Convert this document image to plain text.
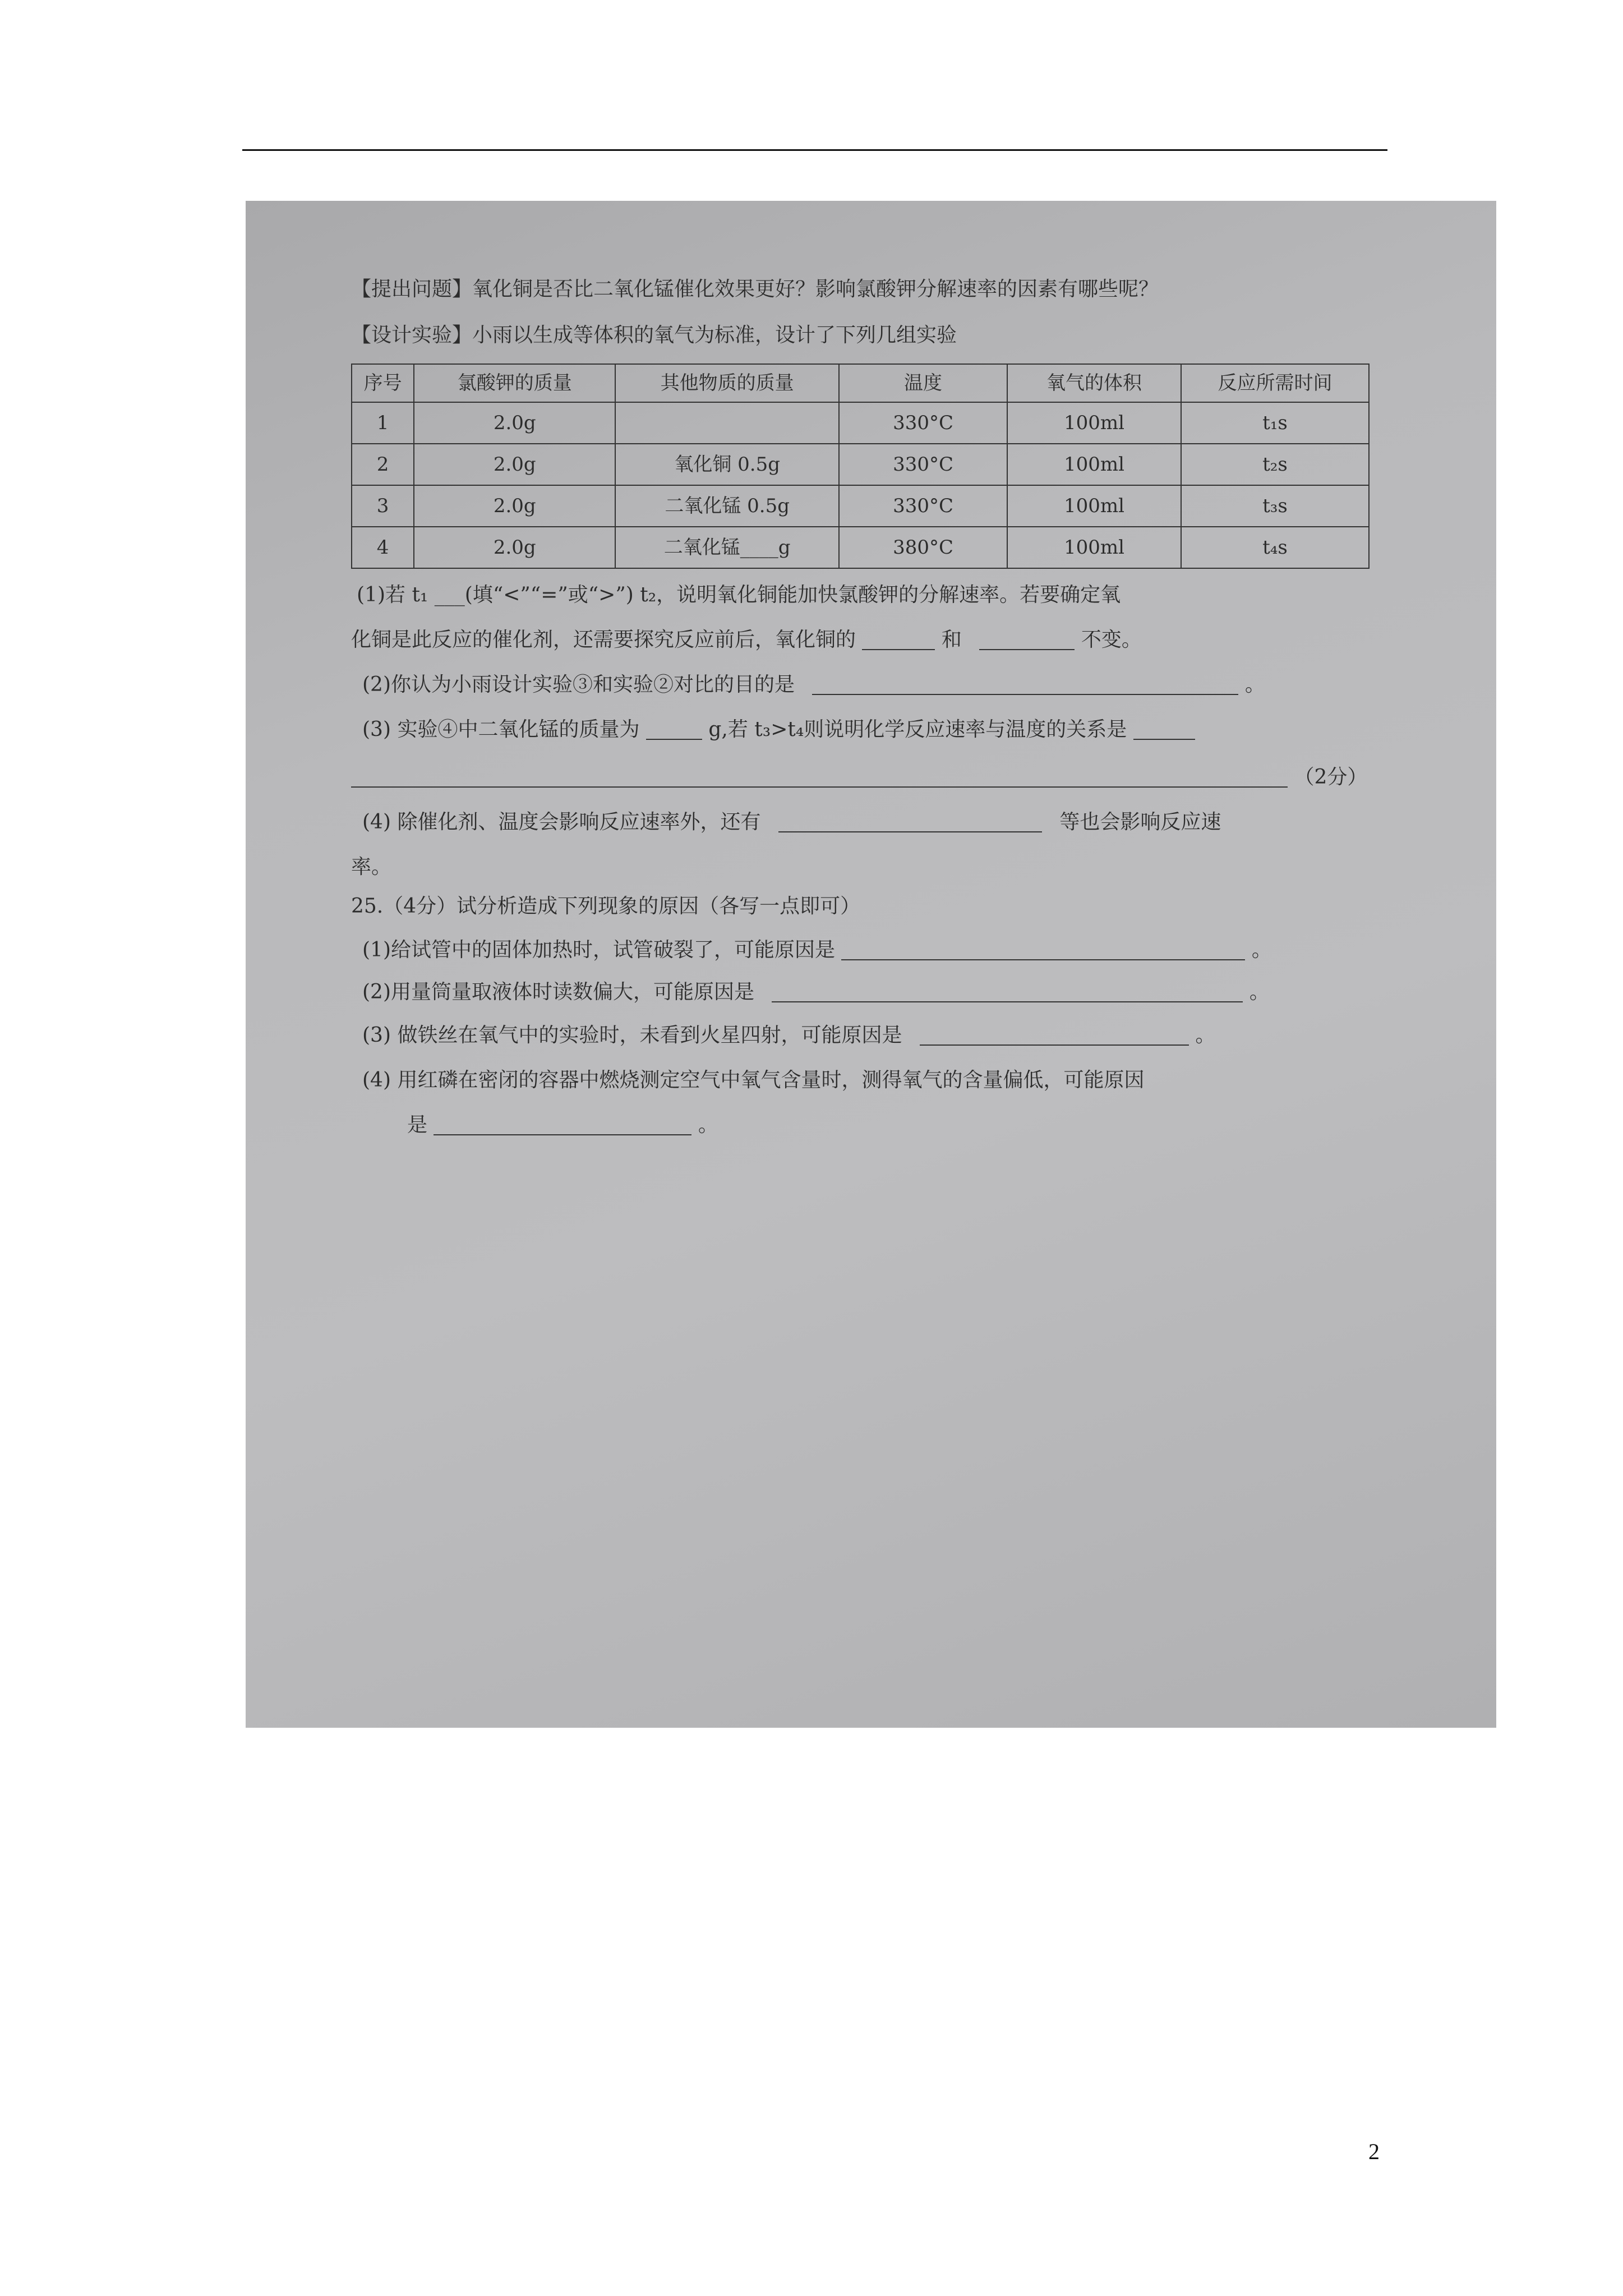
【提出问题】氧化铜是否比二氧化锰催化效果更好？影响氯酸钾分解速率的因素有哪些呢？
【设计实验】小雨以生成等体积的氧气为标准，设计了下列几组实验
序号	氯酸钾的质量	其他物质的质量	温度	氧气的体积	反应所需时间
1	2.0g		330°C	100ml	t₁s
2	2.0g	氧化铜 0.5g	330°C	100ml	t₂s
3	2.0g	二氧化锰 0.5g	330°C	100ml	t₃s
4	2.0g	二氧化锰____g	380°C	100ml	t₄s
(1)若 t₁ ___(填“<”“=”或“>”) t₂，说明氧化铜能加快氯酸钾的分解速率。若要确定氧
化铜是此反应的催化剂，还需要探究反应前后，氧化铜的	和	不变。
(2)你认为小雨设计实验③和实验②对比的目的是	。
(3) 实验④中二氧化锰的质量为	g,若 t₃>t₄则说明化学反应速率与温度的关系是
（2分）
(4) 除催化剂、温度会影响反应速率外，还有	等也会影响反应速
率。
25.（4分）试分析造成下列现象的原因（各写一点即可）
(1)给试管中的固体加热时，试管破裂了，可能原因是	。
(2)用量筒量取液体时读数偏大，可能原因是	。
(3) 做铁丝在氧气中的实验时，未看到火星四射，可能原因是	。
(4) 用红磷在密闭的容器中燃烧测定空气中氧气含量时，测得氧气的含量偏低，可能原因
是	。
2
